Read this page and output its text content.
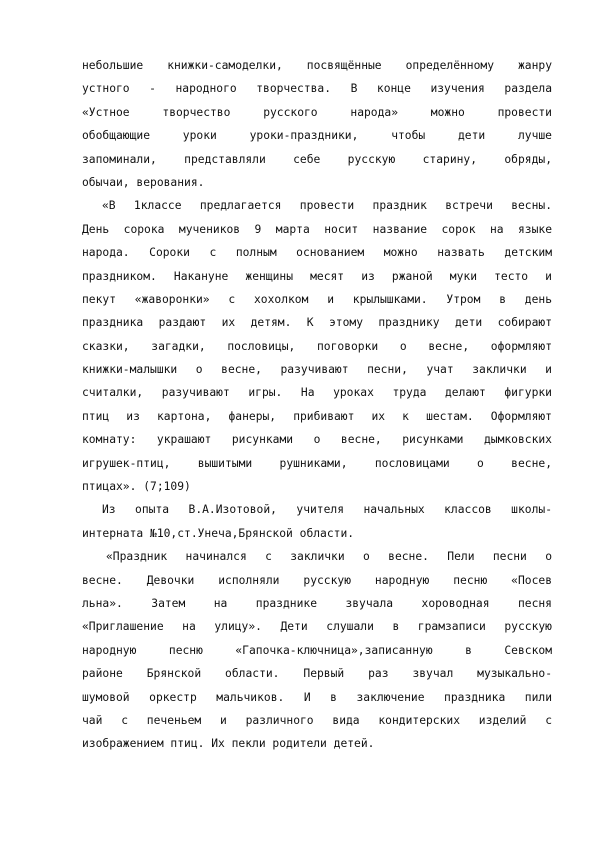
небольшие книжки-самоделки, посвящённые определённому жанру
устного - народного творчества. В конце изучения раздела
«Устное творчество русского народа» можно провести
обобщающие уроки уроки-праздники, чтобы дети лучше
запоминали, представляли себе русскую старину, обряды,
обычаи, верования.
«В 1классе предлагается провести праздник встречи весны.
День сорока мучеников 9 марта носит название сорок на языке
народа. Сороки с полным основанием можно назвать детским
праздником. Накануне женщины месят из ржаной муки тесто и
пекут «жаворонки» с хохолком и крылышками. Утром в день
праздника раздают их детям. К этому празднику дети собирают
сказки, загадки, пословицы, поговорки о весне, оформляют
книжки-малышки о весне, разучивают песни, учат заклички и
считалки, разучивают игры. На уроках труда делают фигурки
птиц из картона, фанеры, прибивают их к шестам. Оформляют
комнату: украшают рисунками о весне, рисунками дымковских
игрушек-птиц, вышитыми рушниками, пословицами о весне,
птицах». (7;109)
Из опыта В.А.Изотовой, учителя начальных классов школы-
интерната №10,ст.Унеча,Брянской области.
«Праздник начинался с заклички о весне. Пели песни о
весне. Девочки исполняли русскую народную песню «Посев
льна». Затем на празднике звучала хороводная песня
«Приглашение на улицу». Дети слушали в грамзаписи русскую
народную песню «Гапочка-ключница»,записанную в Севском
районе Брянской области. Первый раз звучал музыкально-
шумовой оркестр мальчиков. И в заключение праздника пили
чай с печеньем и различного вида кондитерских изделий с
изображением птиц. Их пекли родители детей.
